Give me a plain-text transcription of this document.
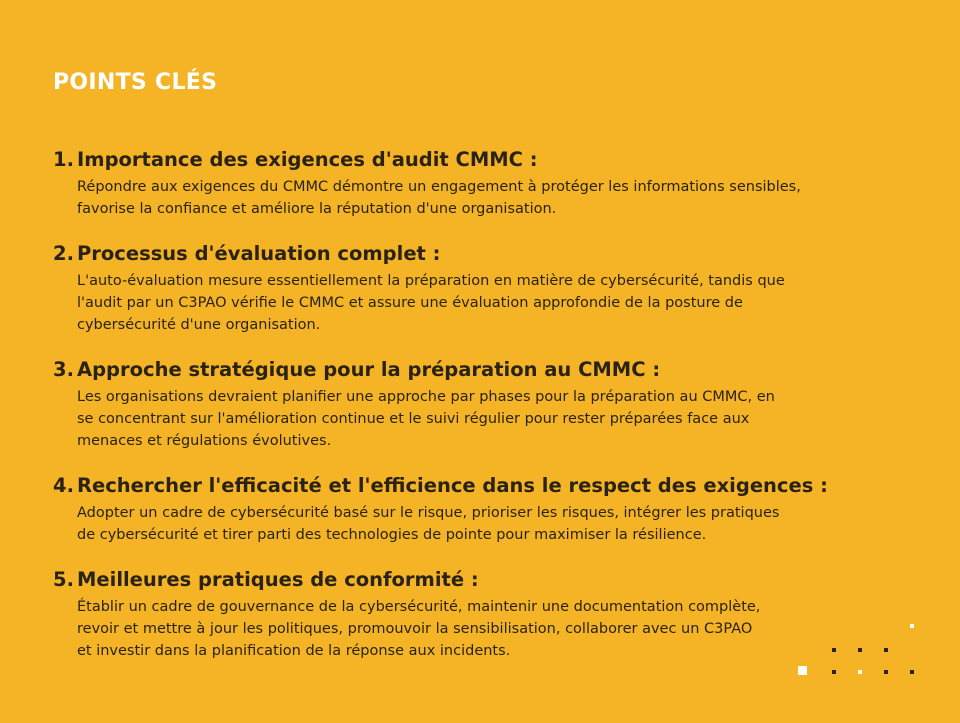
POINTS CLÉS
1. Importance des exigences d'audit CMMC :

Répondre aux exigences du CMMC démontre un engagement à protéger les informations sensibles,
favorise la confiance et améliore la réputation d'une organisation.

2. Processus d'évaluation complet :

L'auto-évaluation mesure essentiellement la préparation en matière de cybersécurité, tandis que
l'audit par un C3PAO vérifie le CMMC et assure une évaluation approfondie de la posture de
cybersécurité d'une organisation.

3. Approche stratégique pour la préparation au CMMC :

Les organisations devraient planifier une approche par phases pour la préparation au CMMC, en
se concentrant sur l'amélioration continue et le suivi régulier pour rester préparées face aux
menaces et régulations évolutives.

4. Rechercher l'efficacité et l'efficience dans le respect des exigences :

Adopter un cadre de cybersécurité basé sur le risque, prioriser les risques, intégrer les pratiques
de cybersécurité et tirer parti des technologies de pointe pour maximiser la résilience.

5. Meilleures pratiques de conformité :

Établir un cadre de gouvernance de la cybersécurité, maintenir une documentation complète,
revoir et mettre à jour les politiques, promouvoir la sensibilisation, collaborer avec un C3PAO
et investir dans la planification de la réponse aux incidents.
